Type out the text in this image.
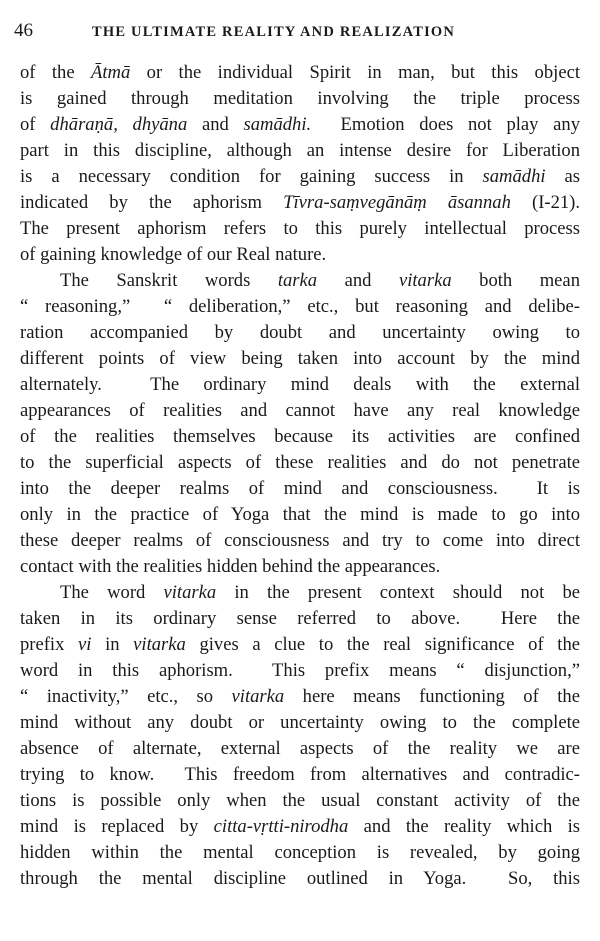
46	THE ULTIMATE REALITY AND REALIZATION
of the Ātmā or the individual Spirit in man, but this object
is gained through meditation involving the triple process
of dhāraṇā, dhyāna and samādhi.  Emotion does not play any
part in this discipline, although an intense desire for Liberation
is a necessary condition for gaining success in samādhi as
indicated by the aphorism Tīvra-saṃvegānāṃ āsannah (I-21).
The present aphorism refers to this purely intellectual process
of gaining knowledge of our Real nature.
The Sanskrit words tarka and vitarka both mean
“ reasoning,”  “ deliberation,” etc., but reasoning and delibe-
ration accompanied by doubt and uncertainty owing to
different points of view being taken into account by the mind
alternately.  The ordinary mind deals with the external
appearances of realities and cannot have any real knowledge
of the realities themselves because its activities are confined
to the superficial aspects of these realities and do not penetrate
into the deeper realms of mind and consciousness.  It is
only in the practice of Yoga that the mind is made to go into
these deeper realms of consciousness and try to come into direct
contact with the realities hidden behind the appearances.
The word vitarka in the present context should not be
taken in its ordinary sense referred to above.  Here the
prefix vi in vitarka gives a clue to the real significance of the
word in this aphorism.  This prefix means “ disjunction,”
“ inactivity,” etc., so vitarka here means functioning of the
mind without any doubt or uncertainty owing to the complete
absence of alternate, external aspects of the reality we are
trying to know.  This freedom from alternatives and contradic-
tions is possible only when the usual constant activity of the
mind is replaced by citta-vṛtti-nirodha and the reality which is
hidden within the mental conception is revealed, by going
through the mental discipline outlined in Yoga.  So, this
